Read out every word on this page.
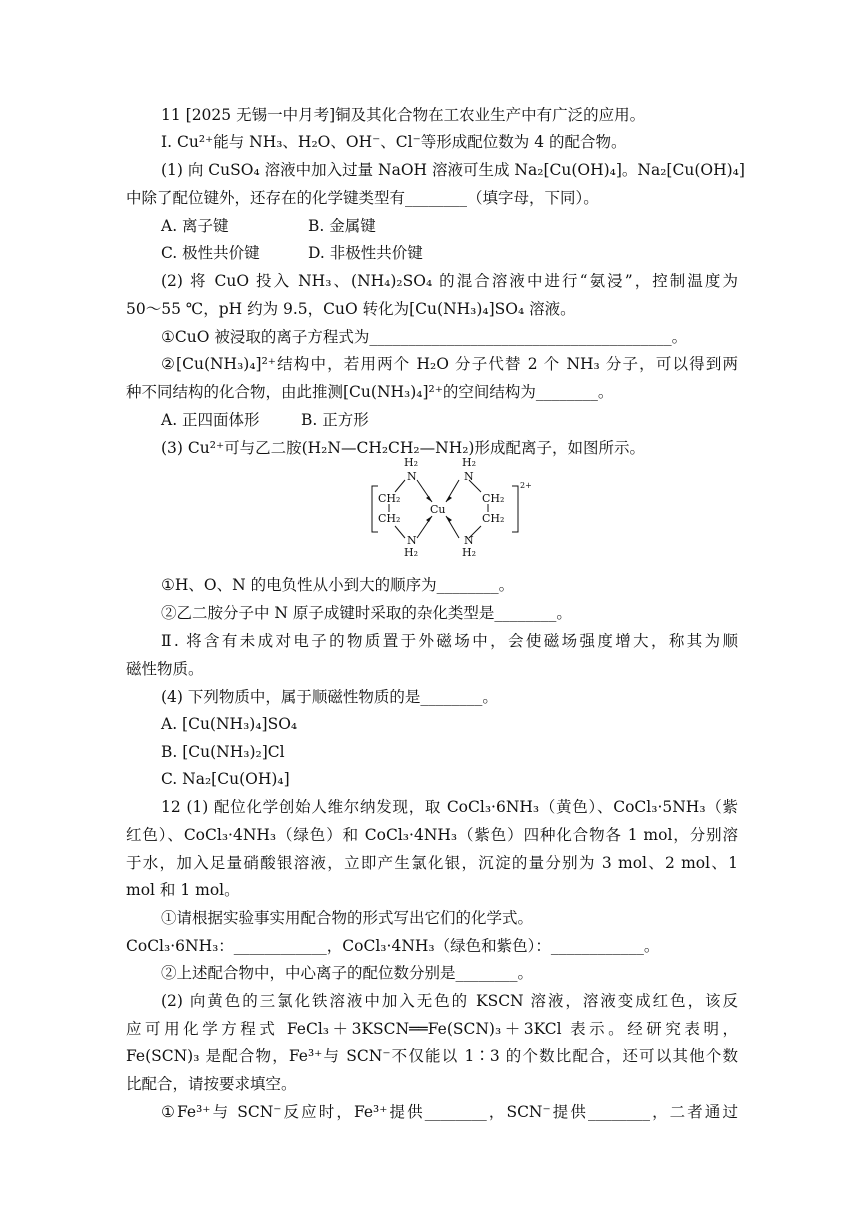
11 [2025 无锡一中月考]铜及其化合物在工农业生产中有广泛的应用。
Ⅰ. Cu²⁺能与 NH₃、H₂O、OH⁻、Cl⁻等形成配位数为 4 的配合物。
(1) 向 CuSO₄ 溶液中加入过量 NaOH 溶液可生成 Na₂[Cu(OH)₄]。Na₂[Cu(OH)₄]
中除了配位键外，还存在的化学键类型有________（填字母，下同）。
A. 离子键	B. 金属键
C. 极性共价键	D. 非极性共价键
(2) 将 CuO 投入 NH₃、(NH₄)₂SO₄ 的混合溶液中进行“氨浸”，控制温度为
50～55 ℃，pH 约为 9.5，CuO 转化为[Cu(NH₃)₄]SO₄ 溶液。
①CuO 被浸取的离子方程式为_______________________________________。
②[Cu(NH₃)₄]²⁺结构中，若用两个 H₂O 分子代替 2 个 NH₃ 分子，可以得到两
种不同结构的化合物，由此推测[Cu(NH₃)₄]²⁺的空间结构为________。
A. 正四面体形	B. 正方形
(3) Cu²⁺可与乙二胺(H₂N—CH₂CH₂—NH₂)形成配离子，如图所示。
H₂
N
H₂
N
CH₂
CH₂
CH₂
CH₂
Cu
N
H₂
N
H₂
2+
①H、O、N 的电负性从小到大的顺序为________。
②乙二胺分子中 N 原子成键时采取的杂化类型是________。
Ⅱ. 将含有未成对电子的物质置于外磁场中，会使磁场强度增大，称其为顺
磁性物质。
(4) 下列物质中，属于顺磁性物质的是________。
A. [Cu(NH₃)₄]SO₄
B. [Cu(NH₃)₂]Cl
C. Na₂[Cu(OH)₄]
12 (1) 配位化学创始人维尔纳发现，取 CoCl₃·6NH₃（黄色）、CoCl₃·5NH₃（紫
红色）、CoCl₃·4NH₃（绿色）和 CoCl₃·4NH₃（紫色）四种化合物各 1 mol，分别溶
于水，加入足量硝酸银溶液，立即产生氯化银，沉淀的量分别为 3 mol、2 mol、1
mol 和 1 mol。
①请根据实验事实用配合物的形式写出它们的化学式。
CoCl₃·6NH₃：____________，CoCl₃·4NH₃（绿色和紫色）：____________。
②上述配合物中，中心离子的配位数分别是________。
(2) 向黄色的三氯化铁溶液中加入无色的 KSCN 溶液，溶液变成红色，该反
应可用化学方程式 FeCl₃＋3KSCN══Fe(SCN)₃＋3KCl 表示。经研究表明，
Fe(SCN)₃ 是配合物，Fe³⁺与 SCN⁻不仅能以 1∶3 的个数比配合，还可以其他个数
比配合，请按要求填空。
①Fe³⁺与 SCN⁻反应时，Fe³⁺提供________，SCN⁻提供________，二者通过
